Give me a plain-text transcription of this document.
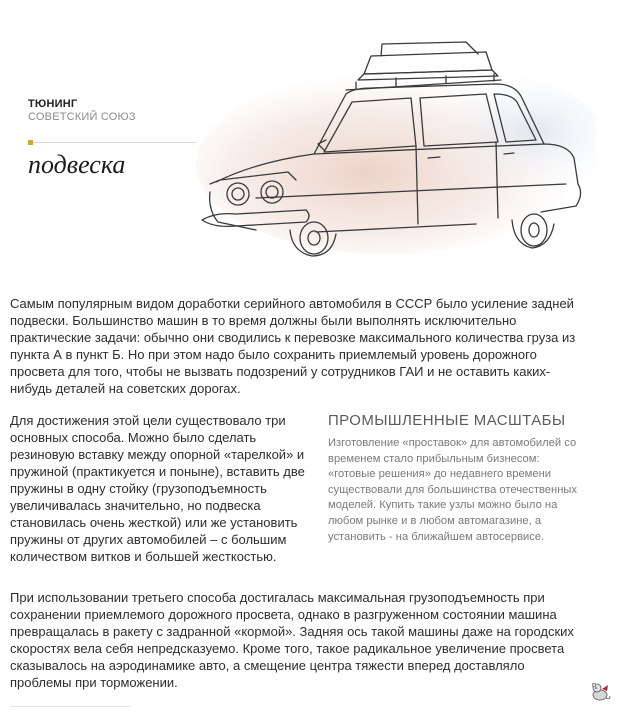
ТЮНИНГ
СОВЕТСКИЙ СОЮЗ
подвеска

Самым популярным видом доработки серийного автомобиля в СССР было усиление задней подвески. Большинство машин в то время должны были выполнять исключительно практические задачи: обычно они сводились к перевозке максимального количества груза из пункта А в пункт Б. Но при этом надо было сохранить приемлемый уровень дорожного просвета для того, чтобы не вызвать подозрений у сотрудников ГАИ и не оставить каких-нибудь деталей на советских дорогах.

Для достижения этой цели существовало три основных способа. Можно было сделать резиновую вставку между опорной «тарелкой» и пружиной (практикуется и поныне), вставить две пружины в одну стойку (грузоподъемность увеличивалась значительно, но подвеска становилась очень жесткой) или же установить пружины от других автомобилей – с большим количеством витков и большей жесткостью.

ПРОМЫШЛЕННЫЕ МАСШТАБЫ

Изготовление «проставок» для автомобилей со временем стало прибыльным бизнесом: «готовые решения» до недавнего времени существовали для большинства отечественных моделей. Купить такие узлы можно было на любом рынке и в любом автомагазине, а установить - на ближайшем автосервисе.

При использовании третьего способа достигалась максимальная грузоподъемность при сохранении приемлемого дорожного просвета, однако в разгруженном состоянии машина превращалась в ракету с задранной «кормой». Задняя ось такой машины даже на городских скоростях вела себя непредсказуемо. Кроме того, такое радикальное увеличение просвета сказывалось на аэродинамике авто, а смещение центра тяжести вперед доставляло проблемы при торможении.
